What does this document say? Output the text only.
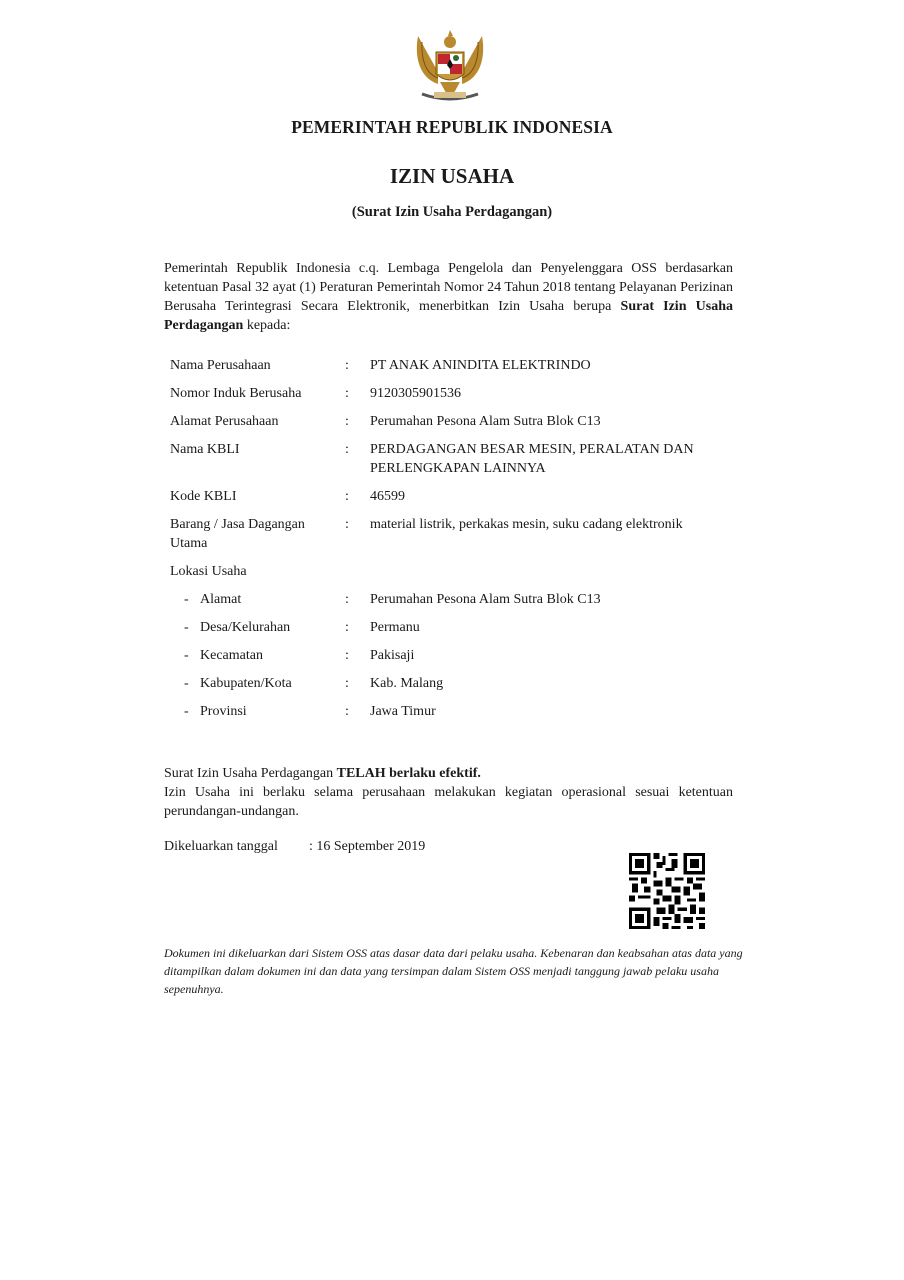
PEMERINTAH REPUBLIK INDONESIA
IZIN USAHA
(Surat Izin Usaha Perdagangan)
Pemerintah Republik Indonesia c.q. Lembaga Pengelola dan Penyelenggara OSS berdasarkan ketentuan Pasal 32 ayat (1) Peraturan Pemerintah Nomor 24 Tahun 2018 tentang Pelayanan Perizinan Berusaha Terintegrasi Secara Elektronik, menerbitkan Izin Usaha berupa Surat Izin Usaha Perdagangan kepada:
Nama Perusahaan	: PT ANAK ANINDITA ELEKTRINDO
Nomor Induk Berusaha	: 9120305901536
Alamat Perusahaan	: Perumahan Pesona Alam Sutra Blok C13
Nama KBLI	: PERDAGANGAN BESAR MESIN, PERALATAN DAN PERLENGKAPAN LAINNYA
Kode KBLI	: 46599
Barang / Jasa Dagangan Utama
: material listrik, perkakas mesin, suku cadang elektronik
Lokasi Usaha
- Alamat	: Perumahan Pesona Alam Sutra Blok C13
- Desa/Kelurahan	: Permanu
- Kecamatan	: Pakisaji
- Kabupaten/Kota	: Kab. Malang
- Provinsi	: Jawa Timur
Surat Izin Usaha Perdagangan TELAH berlaku efektif.
Izin Usaha ini berlaku selama perusahaan melakukan kegiatan operasional sesuai ketentuan perundangan-undangan.
Dikeluarkan tanggal : 16 September 2019
Dokumen ini dikeluarkan dari Sistem OSS atas dasar data dari pelaku usaha. Kebenaran dan keabsahan atas data yang ditampilkan dalam dokumen ini dan data yang tersimpan dalam Sistem OSS menjadi tanggung jawab pelaku usaha sepenuhnya.
